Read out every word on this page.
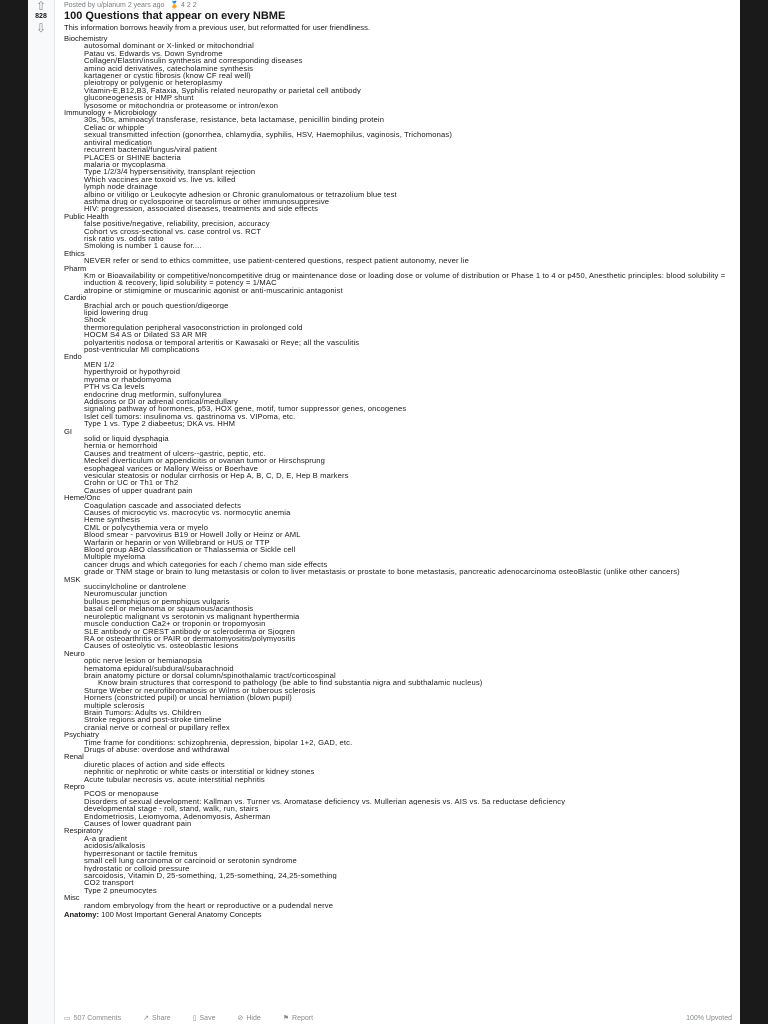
⇧
828
⇩
Posted by u/planum 2 years ago 🏅 4 2 2
100 Questions that appear on every NBME
This information borrows heavily from a previous user, but reformatted for user friendliness.
Biochemistry
1. autosomal dominant or X-linked or mitochondrial
2. Patau vs. Edwards vs. Down Syndrome
3. Collagen/Elastin/insulin synthesis and corresponding diseases
4. amino acid derivatives, catecholamine synthesis
5. kartagener or cystic fibrosis (know CF real well)
6. pleiotropy or polygenic or heteroplasmy
7. Vitamin-E,B12,B3, Fataxia, Syphilis related neuropathy or parietal cell antibody
8. gluconeogenesis or HMP shunt
9. lysosome or mitochondria or proteasome or intron/exon
Immunology + Microbiology
1. 30s, 50s, aminoacyl transferase, resistance, beta lactamase, penicillin binding protein
2. Celiac or whipple
3. sexual transmitted infection (gonorrhea, chlamydia, syphilis, HSV, Haemophilus, vaginosis, Trichomonas)
4. antiviral medication
5. recurrent bacterial/fungus/viral patient
6. PLACES or SHINE bacteria
7. malaria or mycoplasma
8. Type 1/2/3/4 hypersensitivity, transplant rejection
9. Which vaccines are toxoid vs. live vs. killed
10. lymph node drainage
11. albino or vitiligo or Leukocyte adhesion or Chronic granulomatous or tetrazolium blue test
12. asthma drug or cyclosporine or tacrolimus or other immunosuppresive
13. HIV: progression, associated diseases, treatments and side effects
Public Health
1. false positive/negative, reliability, precision, accuracy
2. Cohort vs cross-sectional vs. case control vs. RCT
3. risk ratio vs. odds ratio
4. Smoking is number 1 cause for....
Ethics
1. NEVER refer or send to ethics committee, use patient-centered questions, respect patient autonomy, never lie
Pharm
1. Km or Bioavailability or competitive/noncompetitive drug or maintenance dose or loading dose or volume of distribution or Phase 1 to 4 or p450, Anesthetic principles: blood solubility = induction & recovery, lipid solubility = potency = 1/MAC
2. atropine or stimigmine or muscarinic agonist or anti-muscarinic antagonist
Cardio
1. Brachial arch or pouch question/digeorge
2. lipid lowering drug
3. Shock
4. thermoregulation peripheral vasoconstriction in prolonged cold
5. HOCM S4 AS or Dilated S3 AR MR
6. polyarteritis nodosa or temporal arteritis or Kawasaki or Reye; all the vasculitis
7. post-ventricular MI complications
Endo
1. MEN 1/2
2. hyperthyroid or hypothyroid
3. myoma or rhabdomyoma
4. PTH vs Ca levels
5. endocrine drug metformin, sulfonylurea
6. Addisons or DI or adrenal cortical/medullary
7. signaling pathway of hormones, p53, HOX gene, motif, tumor suppressor genes, oncogenes
8. Islet cell tumors: insulinoma vs. gastrinoma vs. VIPoma, etc.
9. Type 1 vs. Type 2 diabeetus; DKA vs. HHM
GI
1. solid or liquid dysphagia
2. hernia or hemorrhoid
3. Causes and treatment of ulcers--gastric, peptic, etc.
4. Meckel diverticulum or appendicitis or ovarian tumor or Hirschsprung
5. esophageal varices or Mallory Weiss or Boerhave
6. vesicular steatosis or nodular cirrhosis or Hep A, B, C, D, E, Hep B markers
7. Crohn or UC or Th1 or Th2
8. Causes of upper quadrant pain
Heme/Onc
1. Coagulation cascade and associated defects
2. Causes of microcytic vs. macrocytic vs. normocytic anemia
3. Heme synthesis
4. CML or polycythemia vera or myelo
5. Blood smear - parvovirus B19 or Howell Jolly or Heinz or AML
6. Warfarin or heparin or von Willebrand or HUS or TTP
7. Blood group ABO classification or Thalassemia or Sickle cell
8. Multiple myeloma
9. cancer drugs and which categories for each / chemo man side effects
10. grade or TNM stage or brain to lung metastasis or colon to liver metastasis or prostate to bone metastasis, pancreatic adenocarcinoma osteoBlastic (unlike other cancers)
MSK
1. succinylcholine or dantrolene
2. Neuromuscular junction
3. bullous pemphigus or pemphigus vulgaris
4. basal cell or melanoma or squamous/acanthosis
5. neuroleptic malignant vs serotonin vs malignant hyperthermia
6. muscle conduction Ca2+ or troponin or tropomyosin
7. SLE antibody or CREST antibody or scleroderma or Sjogren
8. RA or osteoarthritis or PAIR or dermatomyositis/polymyositis
9. Causes of osteolytic vs. osteoblastic lesions
Neuro
1. optic nerve lesion or hemianopsia
2. hematoma epidural/subdural/subarachnoid
3. brain anatomy picture or dorsal column/spinothalamic tract/corticospinal
a. Know brain structures that correspond to pathology (be able to find substantia nigra and subthalamic nucleus)
4. Sturge Weber or neurofibromatosis or Wilms or tuberous sclerosis
5. Horners (constricted pupil) or uncal herniation (blown pupil)
6. multiple sclerosis
7. Brain Tumors: Adults vs. Children
8. Stroke regions and post-stroke timeline
9. cranial nerve or corneal or pupillary reflex
Psychiatry
1. Time frame for conditions: schizophrenia, depression, bipolar 1+2, GAD, etc.
2. Drugs of abuse: overdose and withdrawal
Renal
1. diuretic places of action and side effects
2. nephritic or nephrotic or white casts or interstitial or kidney stones
3. Acute tubular necrosis vs. acute interstitial nephritis
Repro
1. PCOS or menopause
2. Disorders of sexual development: Kallman vs. Turner vs. Aromatase deficiency vs. Mullerian agenesis vs. AIS vs. 5a reductase deficiency
3. developmental stage - roll, stand, walk, run, stairs
4. Endometriosis, Leiomyoma, Adenomyosis, Asherman
5. Causes of lower quadrant pain
Respiratory
1. A-a gradient
2. acidosis/alkalosis
3. hyperresonant or tactile fremitus
4. small cell lung carcinoma or carcinoid or serotonin syndrome
5. hydrostatic or colloid pressure
6. sarcoidosis, Vitamin D, 25-something, 1,25-something, 24,25-something
7. CO2 transport
8. Type 2 pneumocytes
Misc
1. random embryology from the heart or reproductive or a pudendal nerve
Anatomy: 100 Most Important General Anatomy Concepts
▭ 507 Comments	↗ Share	▯ Save	⊘ Hide	⚑ Report	100% Upvoted
